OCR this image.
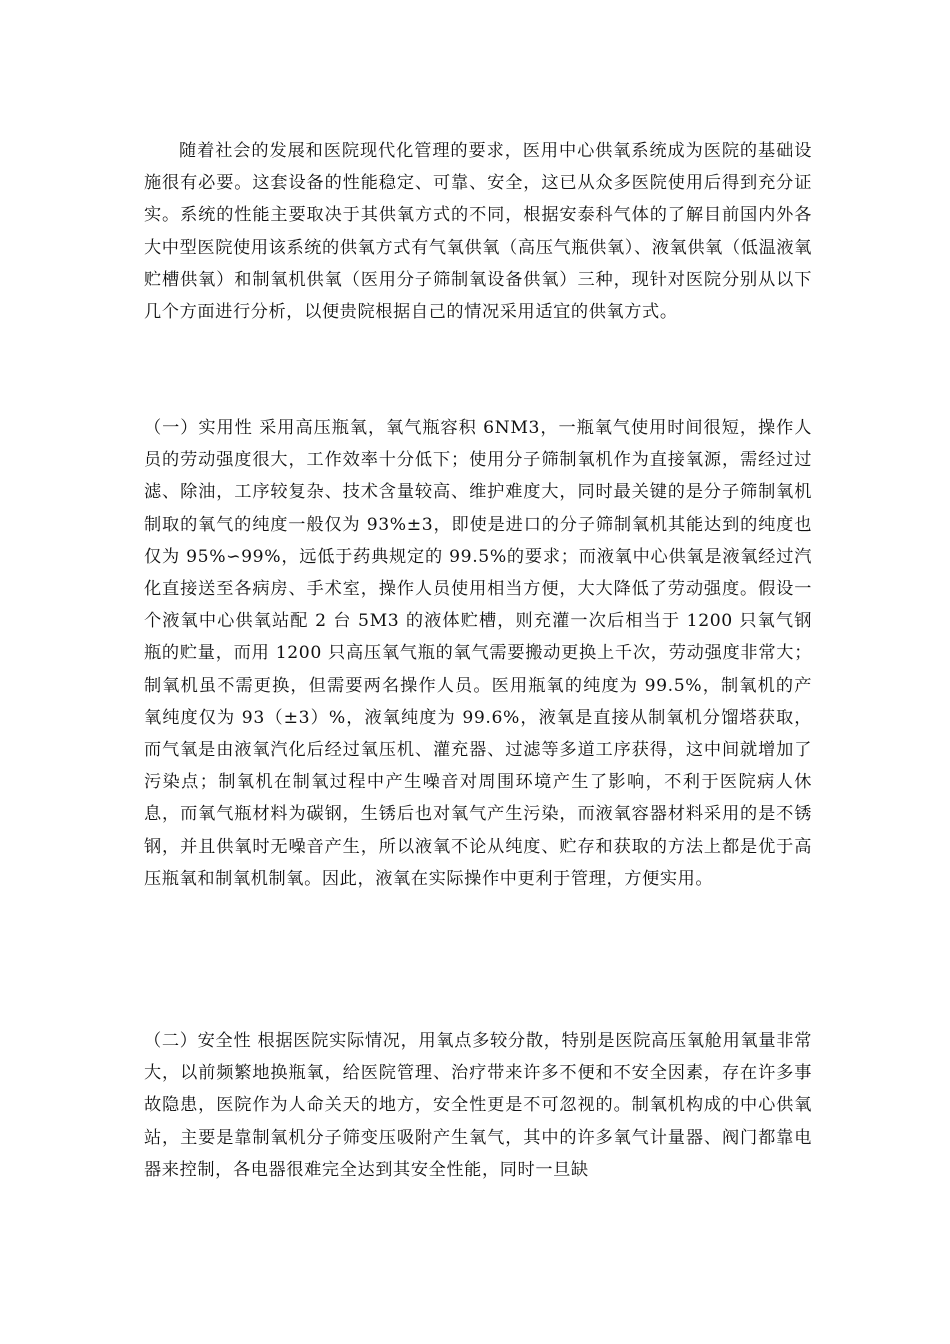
随着社会的发展和医院现代化管理的要求，医用中心供氧系统成为医院的基础设施很有必要。这套设备的性能稳定、可靠、安全，这已从众多医院使用后得到充分证实。系统的性能主要取决于其供氧方式的不同，根据安泰科气体的了解目前国内外各大中型医院使用该系统的供氧方式有气氧供氧（高压气瓶供氧）、液氧供氧（低温液氧贮槽供氧）和制氧机供氧（医用分子筛制氧设备供氧）三种，现针对医院分别从以下几个方面进行分析，以便贵院根据自己的情况采用适宜的供氧方式。

（一）实用性 采用高压瓶氧，氧气瓶容积 6NM3，一瓶氧气使用时间很短，操作人员的劳动强度很大，工作效率十分低下；使用分子筛制氧机作为直接氧源，需经过过滤、除油，工序较复杂、技术含量较高、维护难度大，同时最关键的是分子筛制氧机制取的氧气的纯度一般仅为 93%±3，即使是进口的分子筛制氧机其能达到的纯度也仅为 95%∽99%，远低于药典规定的 99.5%的要求；而液氧中心供氧是液氧经过汽化直接送至各病房、手术室，操作人员使用相当方便，大大降低了劳动强度。假设一个液氧中心供氧站配 2 台 5M3 的液体贮槽，则充灌一次后相当于 1200 只氧气钢瓶的贮量，而用 1200 只高压氧气瓶的氧气需要搬动更换上千次，劳动强度非常大；制氧机虽不需更换，但需要两名操作人员。医用瓶氧的纯度为 99.5%，制氧机的产氧纯度仅为 93（±3）%，液氧纯度为 99.6%，液氧是直接从制氧机分馏塔获取，而气氧是由液氧汽化后经过氧压机、灌充器、过滤等多道工序获得，这中间就增加了污染点；制氧机在制氧过程中产生噪音对周围环境产生了影响，不利于医院病人休息，而氧气瓶材料为碳钢，生锈后也对氧气产生污染，而液氧容器材料采用的是不锈钢，并且供氧时无噪音产生，所以液氧不论从纯度、贮存和获取的方法上都是优于高压瓶氧和制氧机制氧。因此，液氧在实际操作中更利于管理，方便实用。

（二）安全性 根据医院实际情况，用氧点多较分散，特别是医院高压氧舱用氧量非常大，以前频繁地换瓶氧，给医院管理、治疗带来许多不便和不安全因素，存在许多事故隐患，医院作为人命关天的地方，安全性更是不可忽视的。制氧机构成的中心供氧站，主要是靠制氧机分子筛变压吸附产生氧气，其中的许多氧气计量器、阀门都靠电器来控制，各电器很难完全达到其安全性能，同时一旦缺
